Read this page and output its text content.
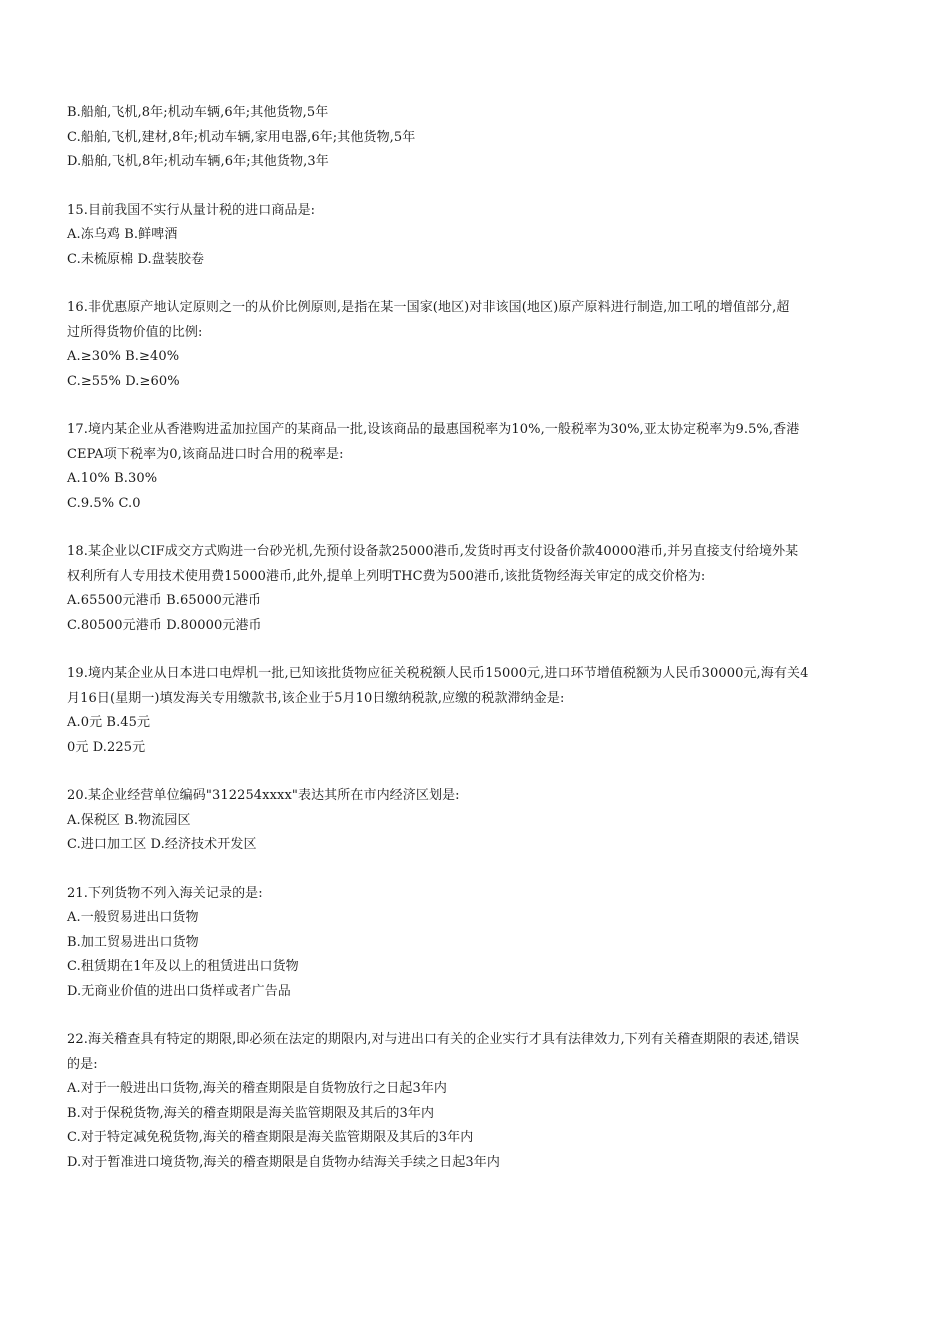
B.船舶,飞机,8年;机动车辆,6年;其他货物,5年
C.船舶,飞机,建材,8年;机动车辆,家用电器,6年;其他货物,5年
D.船舶,飞机,8年;机动车辆,6年;其他货物,3年
15.目前我国不实行从量计税的进口商品是:
A.冻乌鸡 B.鲜啤酒
C.未梳原棉 D.盘装胶卷
16.非优惠原产地认定原则之一的从价比例原则,是指在某一国家(地区)对非该国(地区)原产原料进行制造,加工吼的增值部分,超
过所得货物价值的比例:
A.≥30% B.≥40%
C.≥55% D.≥60%
17.境内某企业从香港购进孟加拉国产的某商品一批,设该商品的最惠国税率为10%,一般税率为30%,亚太协定税率为9.5%,香港
CEPA项下税率为0,该商品进口时合用的税率是:
A.10% B.30%
C.9.5% C.0
18.某企业以CIF成交方式购进一台砂光机,先预付设备款25000港币,发货时再支付设备价款40000港币,并另直接支付给境外某
权利所有人专用技术使用费15000港币,此外,提单上列明THC费为500港币,该批货物经海关审定的成交价格为:
A.65500元港币 B.65000元港币
C.80500元港币 D.80000元港币
19.境内某企业从日本进口电焊机一批,已知该批货物应征关税税额人民币15000元,进口环节增值税额为人民币30000元,海有关4
月16日(星期一)填发海关专用缴款书,该企业于5月10日缴纳税款,应缴的税款滞纳金是:
A.0元 B.45元
0元 D.225元
20.某企业经营单位编码"312254xxxx"表达其所在市内经济区划是:
A.保税区 B.物流园区
C.进口加工区 D.经济技术开发区
21.下列货物不列入海关记录的是:
A.一般贸易进出口货物
B.加工贸易进出口货物
C.租赁期在1年及以上的租赁进出口货物
D.无商业价值的进出口货样或者广告品
22.海关稽查具有特定的期限,即必须在法定的期限内,对与进出口有关的企业实行才具有法律效力,下列有关稽查期限的表述,错误
的是:
A.对于一般进出口货物,海关的稽查期限是自货物放行之日起3年内
B.对于保税货物,海关的稽查期限是海关监管期限及其后的3年内
C.对于特定减免税货物,海关的稽查期限是海关监管期限及其后的3年内
D.对于暂准进口境货物,海关的稽查期限是自货物办结海关手续之日起3年内
